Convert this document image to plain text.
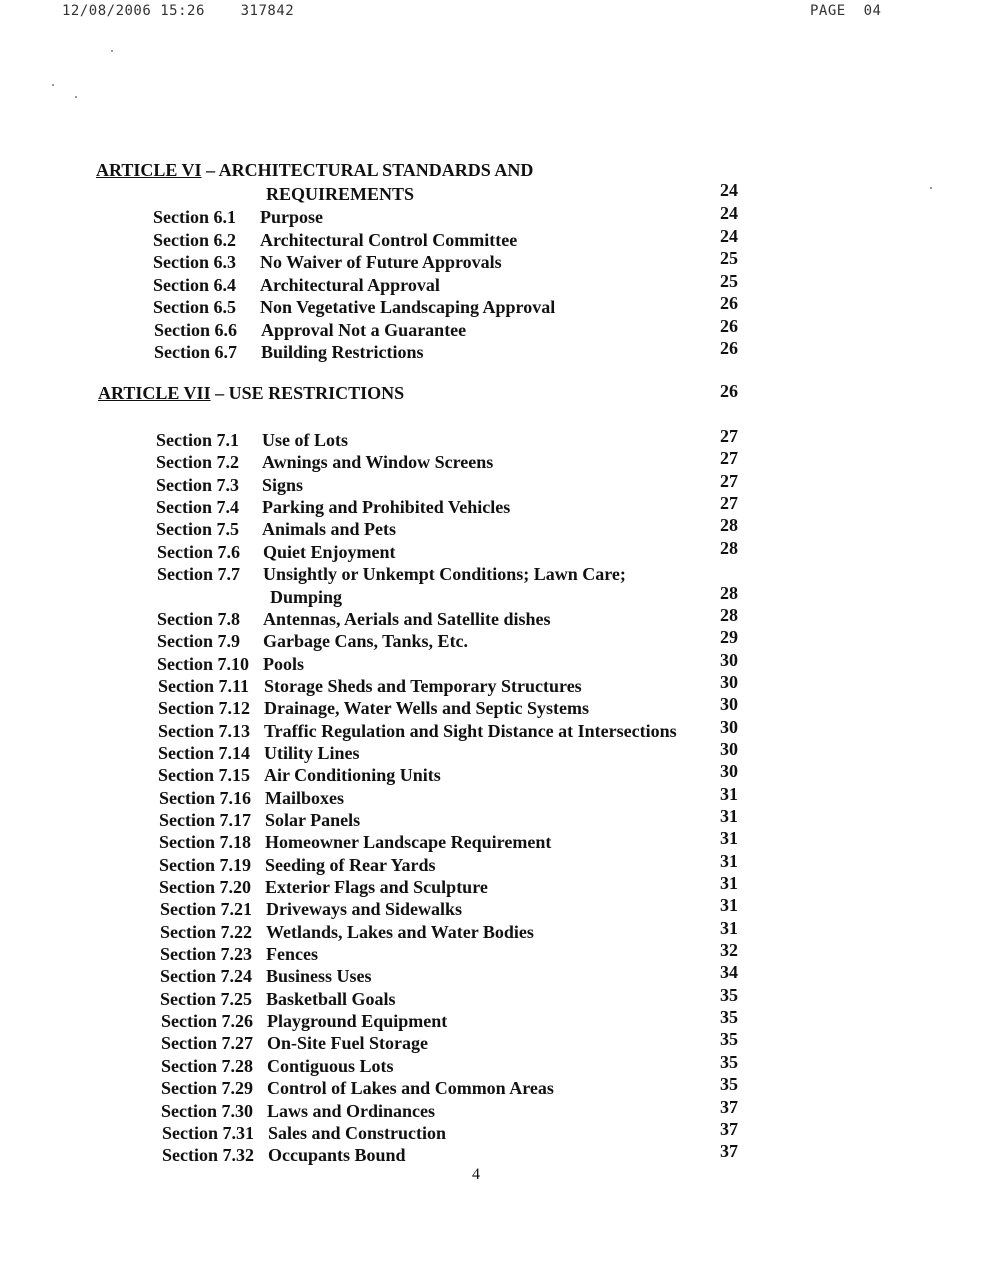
12/08/2006 15:26	317842	PAGE 04
ARTICLE VI – ARCHITECTURAL STANDARDS AND
REQUIREMENTS	24
Section 6.1 Purpose	24
Section 6.2 Architectural Control Committee	24
Section 6.3 No Waiver of Future Approvals	25
Section 6.4 Architectural Approval	25
Section 6.5 Non Vegetative Landscaping Approval	26
Section 6.6 Approval Not a Guarantee	26
Section 6.7 Building Restrictions	26
ARTICLE VII – USE RESTRICTIONS	26
Section 7.1 Use of Lots	27
Section 7.2 Awnings and Window Screens	27
Section 7.3 Signs	27
Section 7.4 Parking and Prohibited Vehicles	27
Section 7.5 Animals and Pets	28
Section 7.6 Quiet Enjoyment	28
Section 7.7 Unsightly or Unkempt Conditions; Lawn Care;
Dumping	28
Section 7.8 Antennas, Aerials and Satellite dishes	28
Section 7.9 Garbage Cans, Tanks, Etc.	29
Section 7.10 Pools	30
Section 7.11 Storage Sheds and Temporary Structures	30
Section 7.12 Drainage, Water Wells and Septic Systems	30
Section 7.13 Traffic Regulation and Sight Distance at Intersections 30
Section 7.14 Utility Lines	30
Section 7.15 Air Conditioning Units	30
Section 7.16 Mailboxes	31
Section 7.17 Solar Panels	31
Section 7.18 Homeowner Landscape Requirement	31
Section 7.19 Seeding of Rear Yards	31
Section 7.20 Exterior Flags and Sculpture	31
Section 7.21 Driveways and Sidewalks	31
Section 7.22 Wetlands, Lakes and Water Bodies	31
Section 7.23 Fences	32
Section 7.24 Business Uses	34
Section 7.25 Basketball Goals	35
Section 7.26 Playground Equipment	35
Section 7.27 On-Site Fuel Storage	35
Section 7.28 Contiguous Lots	35
Section 7.29 Control of Lakes and Common Areas	35
Section 7.30 Laws and Ordinances	37
Section 7.31 Sales and Construction	37
Section 7.32 Occupants Bound	37
4
